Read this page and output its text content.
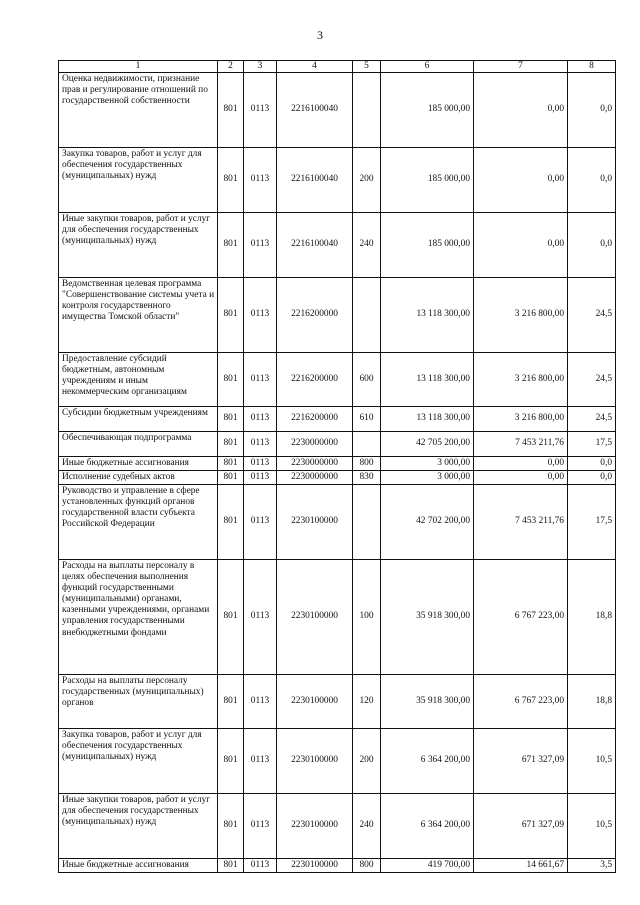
3
1	2	3	4	5	6	7	8
Оценка недвижимости, признание прав и регулирование отношений по государственной собственности	801	0113	2216100040		185 000,00	0,00	0,0
Закупка товаров, работ и услуг для обеспечения государственных (муниципальных) нужд	801	0113	2216100040	200	185 000,00	0,00	0,0
Иные закупки товаров, работ и услуг для обеспечения государственных (муниципальных) нужд	801	0113	2216100040	240	185 000,00	0,00	0,0
Ведомственная целевая программа "Совершенствование системы учета и контроля государственного имущества Томской области"	801	0113	2216200000		13 118 300,00	3 216 800,00	24,5
Предоставление субсидий бюджетным, автономным учреждениям и иным некоммерческим организациям	801	0113	2216200000	600	13 118 300,00	3 216 800,00	24,5
Субсидии бюджетным учреждениям	801	0113	2216200000	610	13 118 300,00	3 216 800,00	24,5
Обеспечивающая подпрограмма	801	0113	2230000000		42 705 200,00	7 453 211,76	17,5
Иные бюджетные ассигнования	801	0113	2230000000	800	3 000,00	0,00	0,0
Исполнение судебных актов	801	0113	2230000000	830	3 000,00	0,00	0,0
Руководство и управление в сфере установленных функций органов государственной власти субъекта Российской Федерации	801	0113	2230100000		42 702 200,00	7 453 211,76	17,5
Расходы на выплаты персоналу в целях обеспечения выполнения функций государственными (муниципальными) органами, казенными учреждениями, органами управления государственными внебюджетными фондами	801	0113	2230100000	100	35 918 300,00	6 767 223,00	18,8
Расходы на выплаты персоналу государственных (муниципальных) органов	801	0113	2230100000	120	35 918 300,00	6 767 223,00	18,8
Закупка товаров, работ и услуг для обеспечения государственных (муниципальных) нужд	801	0113	2230100000	200	6 364 200,00	671 327,09	10,5
Иные закупки товаров, работ и услуг для обеспечения государственных (муниципальных) нужд	801	0113	2230100000	240	6 364 200,00	671 327,09	10,5
Иные бюджетные ассигнования	801	0113	2230100000	800	419 700,00	14 661,67	3,5
